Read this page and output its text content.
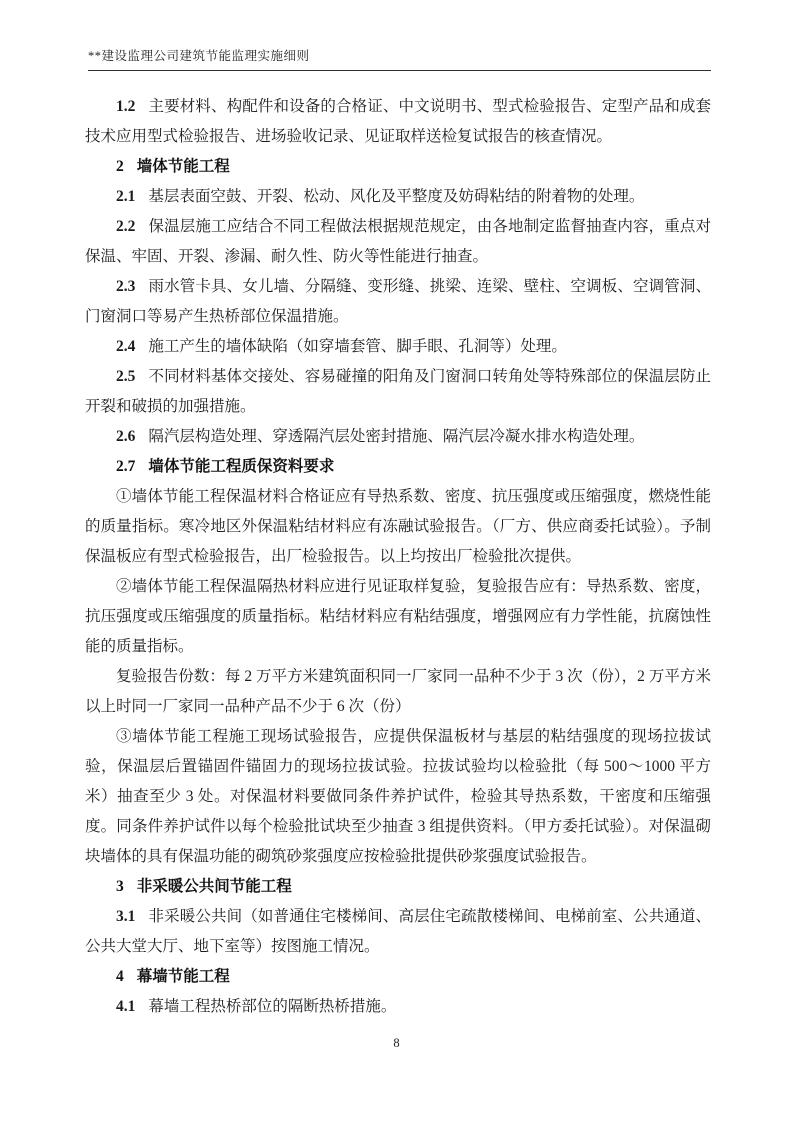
**建设监理公司建筑节能监理实施细则

1.2 主要材料、构配件和设备的合格证、中文说明书、型式检验报告、定型产品和成套技术应用型式检验报告、进场验收记录、见证取样送检复试报告的核查情况。

2 墙体节能工程

2.1 基层表面空鼓、开裂、松动、风化及平整度及妨碍粘结的附着物的处理。

2.2 保温层施工应结合不同工程做法根据规范规定，由各地制定监督抽查内容，重点对保温、牢固、开裂、渗漏、耐久性、防火等性能进行抽查。

2.3 雨水管卡具、女儿墙、分隔缝、变形缝、挑梁、连梁、壁柱、空调板、空调管洞、门窗洞口等易产生热桥部位保温措施。

2.4 施工产生的墙体缺陷（如穿墙套管、脚手眼、孔洞等）处理。

2.5 不同材料基体交接处、容易碰撞的阳角及门窗洞口转角处等特殊部位的保温层防止开裂和破损的加强措施。

2.6 隔汽层构造处理、穿透隔汽层处密封措施、隔汽层冷凝水排水构造处理。

2.7 墙体节能工程质保资料要求

①墙体节能工程保温材料合格证应有导热系数、密度、抗压强度或压缩强度，燃烧性能的质量指标。寒冷地区外保温粘结材料应有冻融试验报告。（厂方、供应商委托试验）。予制保温板应有型式检验报告，出厂检验报告。以上均按出厂检验批次提供。

②墙体节能工程保温隔热材料应进行见证取样复验，复验报告应有：导热系数、密度，抗压强度或压缩强度的质量指标。粘结材料应有粘结强度，增强网应有力学性能，抗腐蚀性能的质量指标。

复验报告份数：每 2 万平方米建筑面积同一厂家同一品种不少于 3 次（份），2 万平方米以上时同一厂家同一品种产品不少于 6 次（份）

③墙体节能工程施工现场试验报告，应提供保温板材与基层的粘结强度的现场拉拔试验，保温层后置锚固件锚固力的现场拉拔试验。拉拔试验均以检验批（每 500～1000 平方米）抽查至少 3 处。对保温材料要做同条件养护试件，检验其导热系数，干密度和压缩强度。同条件养护试件以每个检验批试块至少抽查 3 组提供资料。（甲方委托试验）。对保温砌块墙体的具有保温功能的砌筑砂浆强度应按检验批提供砂浆强度试验报告。

3 非采暖公共间节能工程

3.1 非采暖公共间（如普通住宅楼梯间、高层住宅疏散楼梯间、电梯前室、公共通道、公共大堂大厅、地下室等）按图施工情况。

4 幕墙节能工程

4.1 幕墙工程热桥部位的隔断热桥措施。

8
